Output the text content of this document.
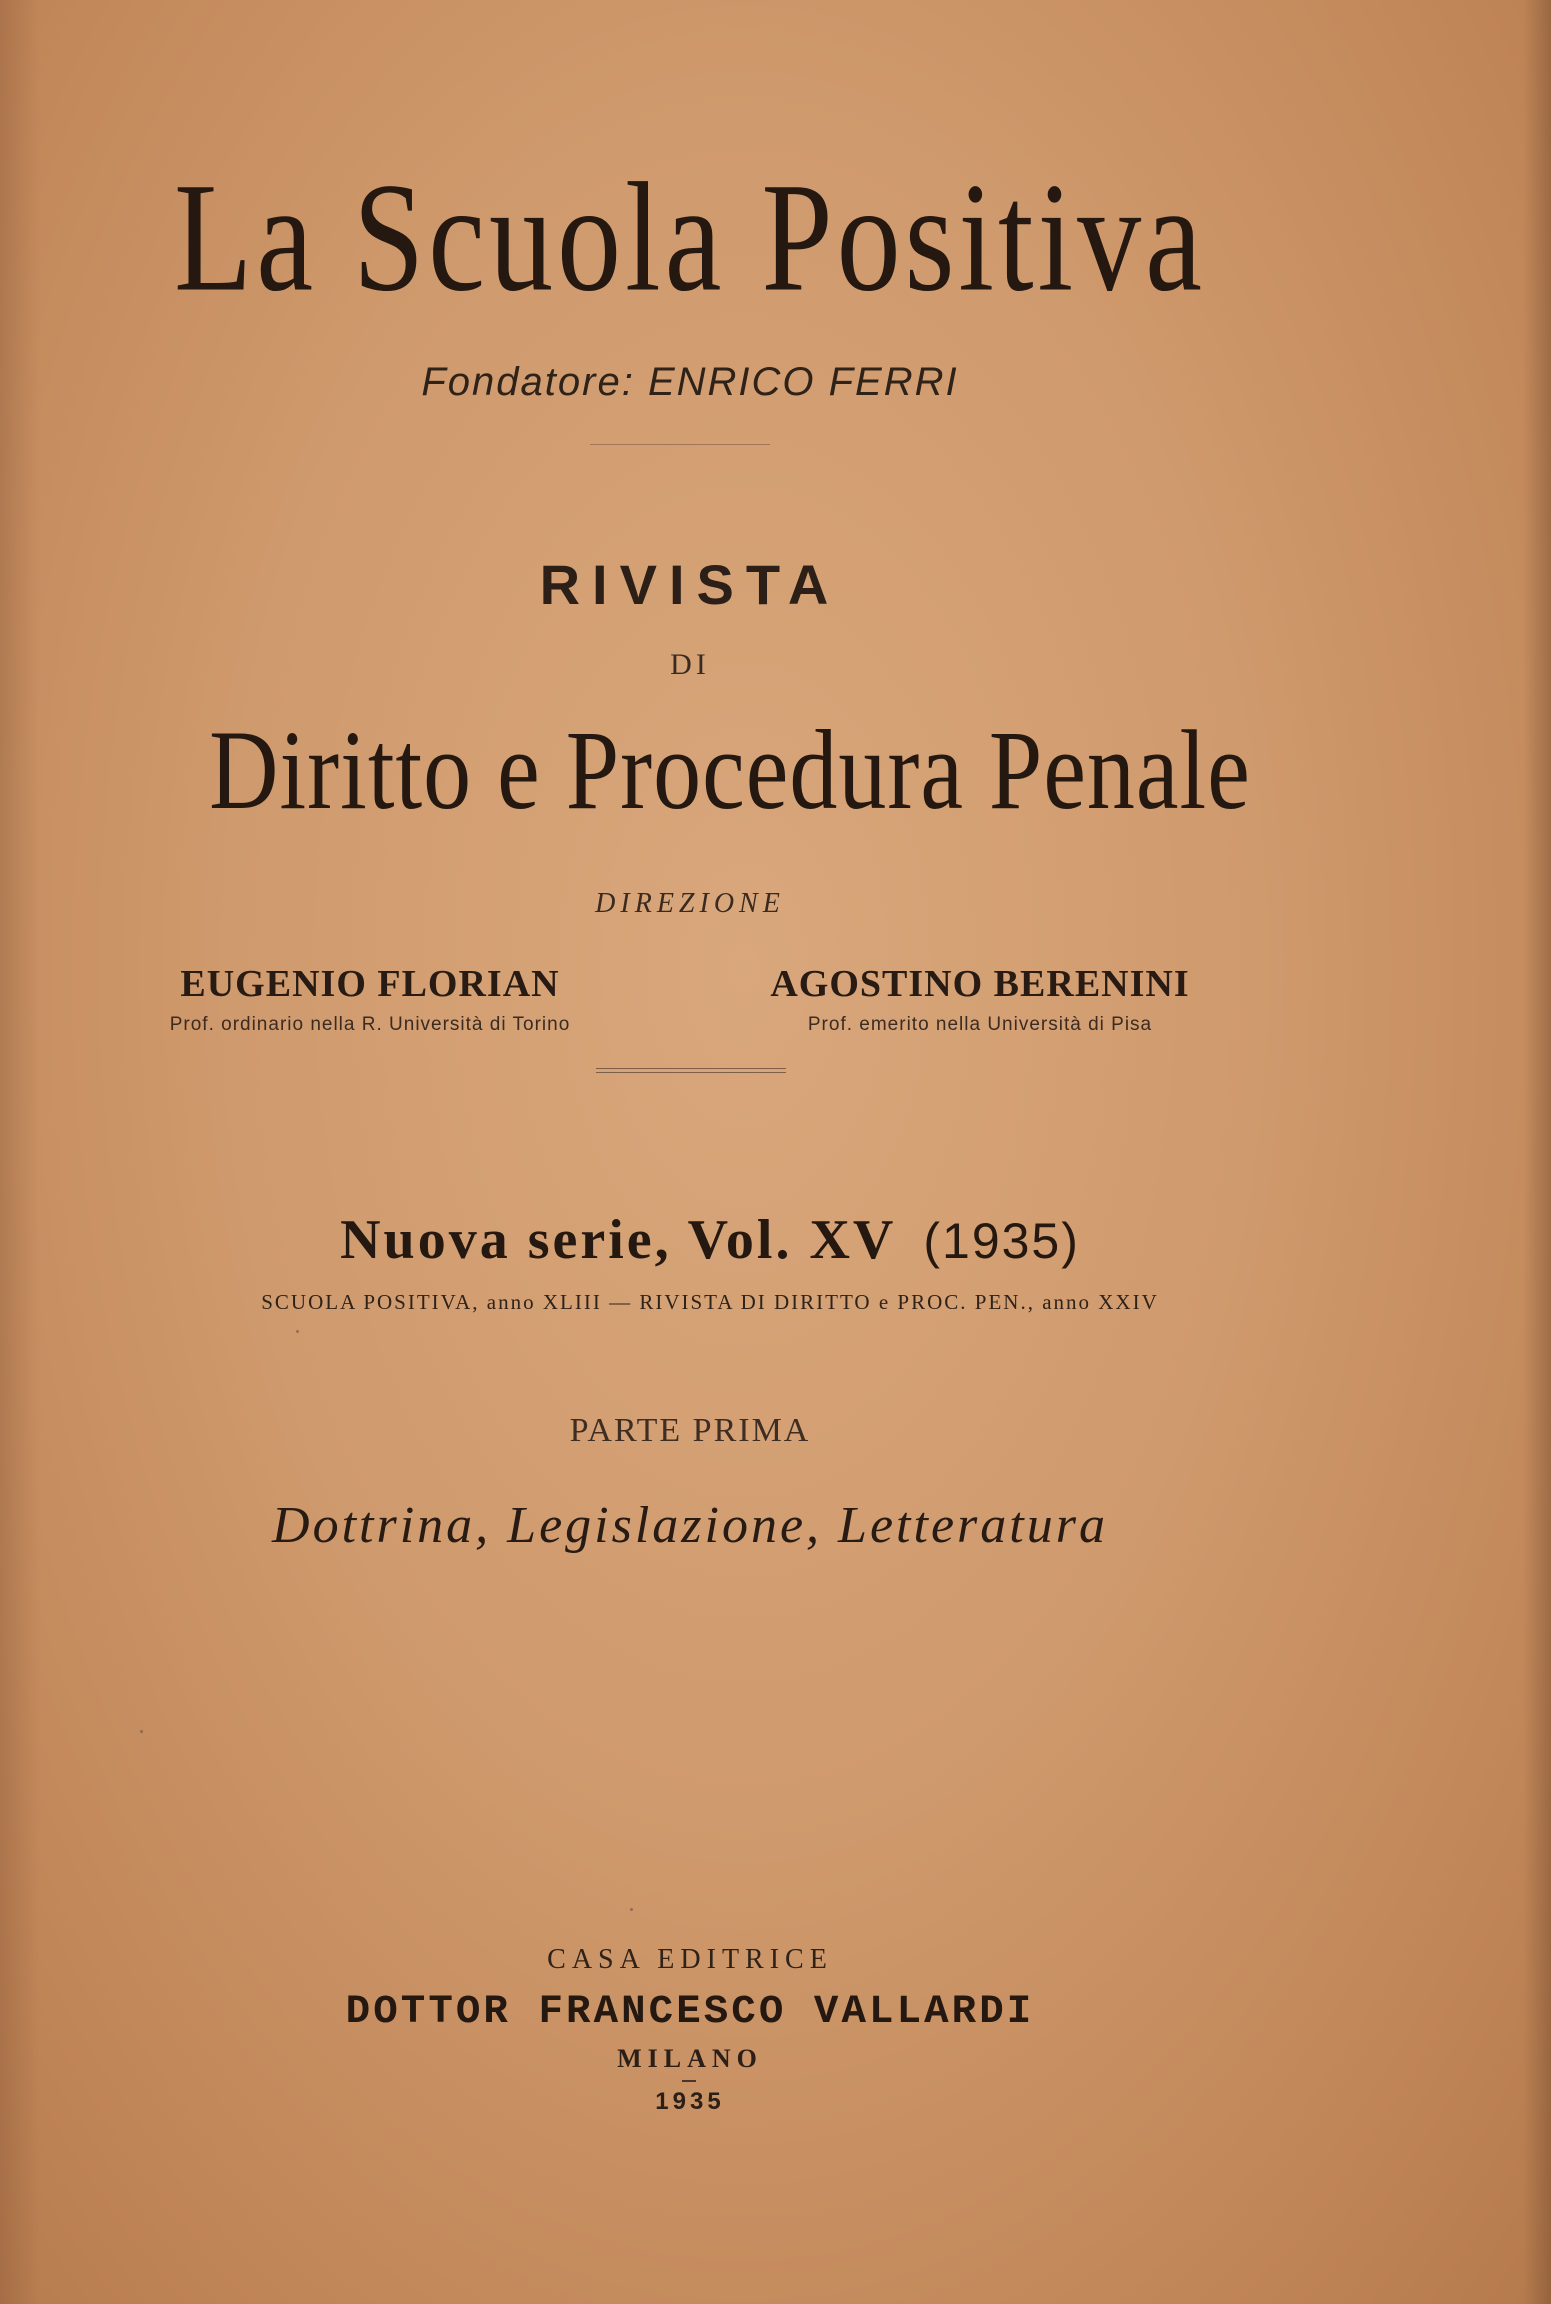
La Scuola Positiva
Fondatore: ENRICO FERRI
RIVISTA
DI
Diritto e Procedura Penale
DIREZIONE
EUGENIO FLORIAN
Prof. ordinario nella R. Università di Torino
AGOSTINO BERENINI
Prof. emerito nella Università di Pisa
Nuova serie, Vol. XV (1935)
SCUOLA POSITIVA, anno XLIII — RIVISTA DI DIRITTO e PROC. PEN., anno XXIV
PARTE PRIMA
Dottrina, Legislazione, Letteratura
CASA EDITRICE
DOTTOR FRANCESCO VALLARDI
MILANO
1935
